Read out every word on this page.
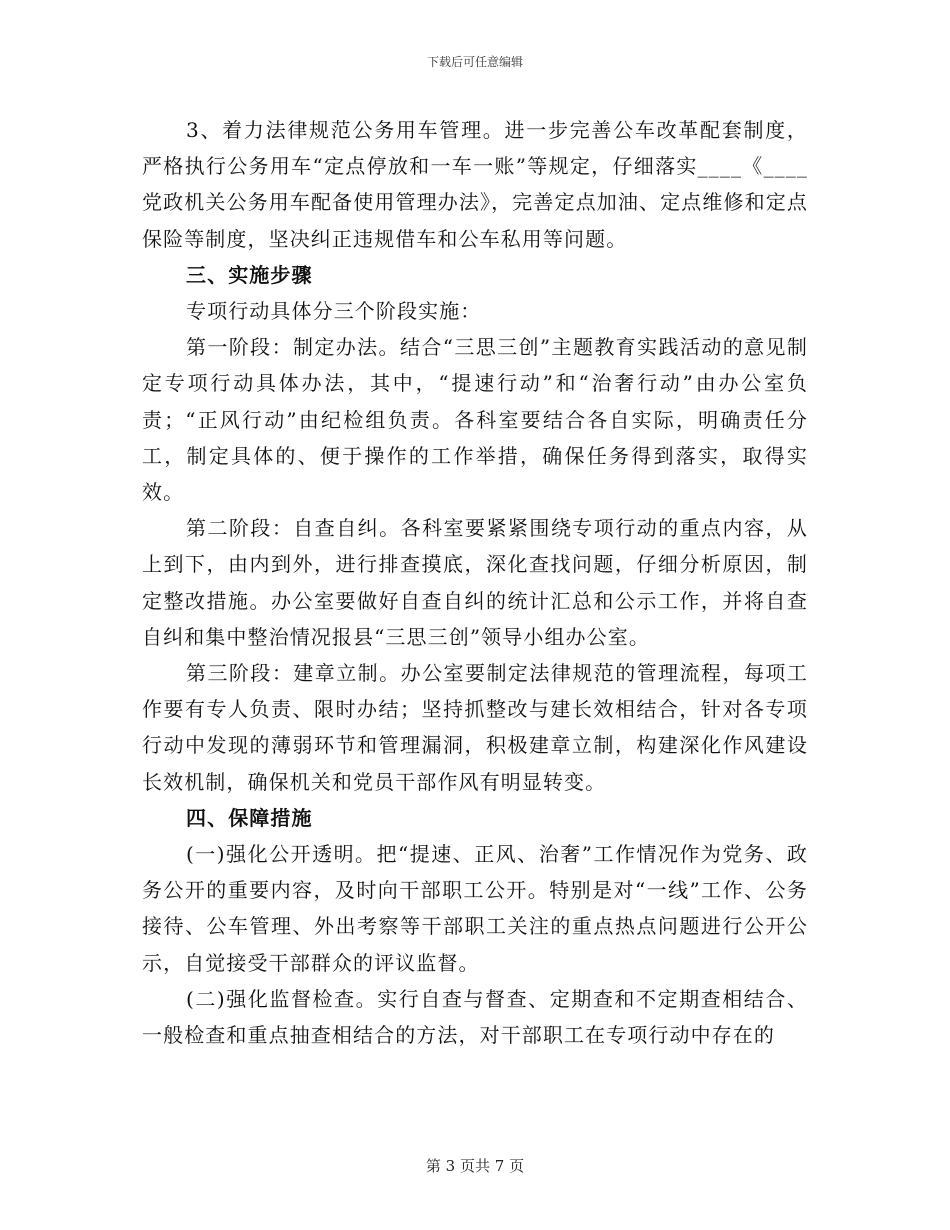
下载后可任意编辑

3、着力法律规范公务用车管理。进一步完善公车改革配套制度，严格执行公务用车“定点停放和一车一账”等规定，仔细落实____《____党政机关公务用车配备使用管理办法》，完善定点加油、定点维修和定点保险等制度，坚决纠正违规借车和公车私用等问题。

三、实施步骤

专项行动具体分三个阶段实施：

第一阶段：制定办法。结合“三思三创”主题教育实践活动的意见制定专项行动具体办法，其中，“提速行动”和“治奢行动”由办公室负责；“正风行动”由纪检组负责。各科室要结合各自实际，明确责任分工，制定具体的、便于操作的工作举措，确保任务得到落实，取得实效。

第二阶段：自查自纠。各科室要紧紧围绕专项行动的重点内容，从上到下，由内到外，进行排查摸底，深化查找问题，仔细分析原因，制定整改措施。办公室要做好自查自纠的统计汇总和公示工作，并将自查自纠和集中整治情况报县“三思三创”领导小组办公室。

第三阶段：建章立制。办公室要制定法律规范的管理流程，每项工作要有专人负责、限时办结；坚持抓整改与建长效相结合，针对各专项行动中发现的薄弱环节和管理漏洞，积极建章立制，构建深化作风建设长效机制，确保机关和党员干部作风有明显转变。

四、保障措施

(一)强化公开透明。把“提速、正风、治奢”工作情况作为党务、政务公开的重要内容，及时向干部职工公开。特别是对“一线”工作、公务接待、公车管理、外出考察等干部职工关注的重点热点问题进行公开公示，自觉接受干部群众的评议监督。

(二)强化监督检查。实行自查与督查、定期查和不定期查相结合、一般检查和重点抽查相结合的方法，对干部职工在专项行动中存在的

第 3 页共 7 页
